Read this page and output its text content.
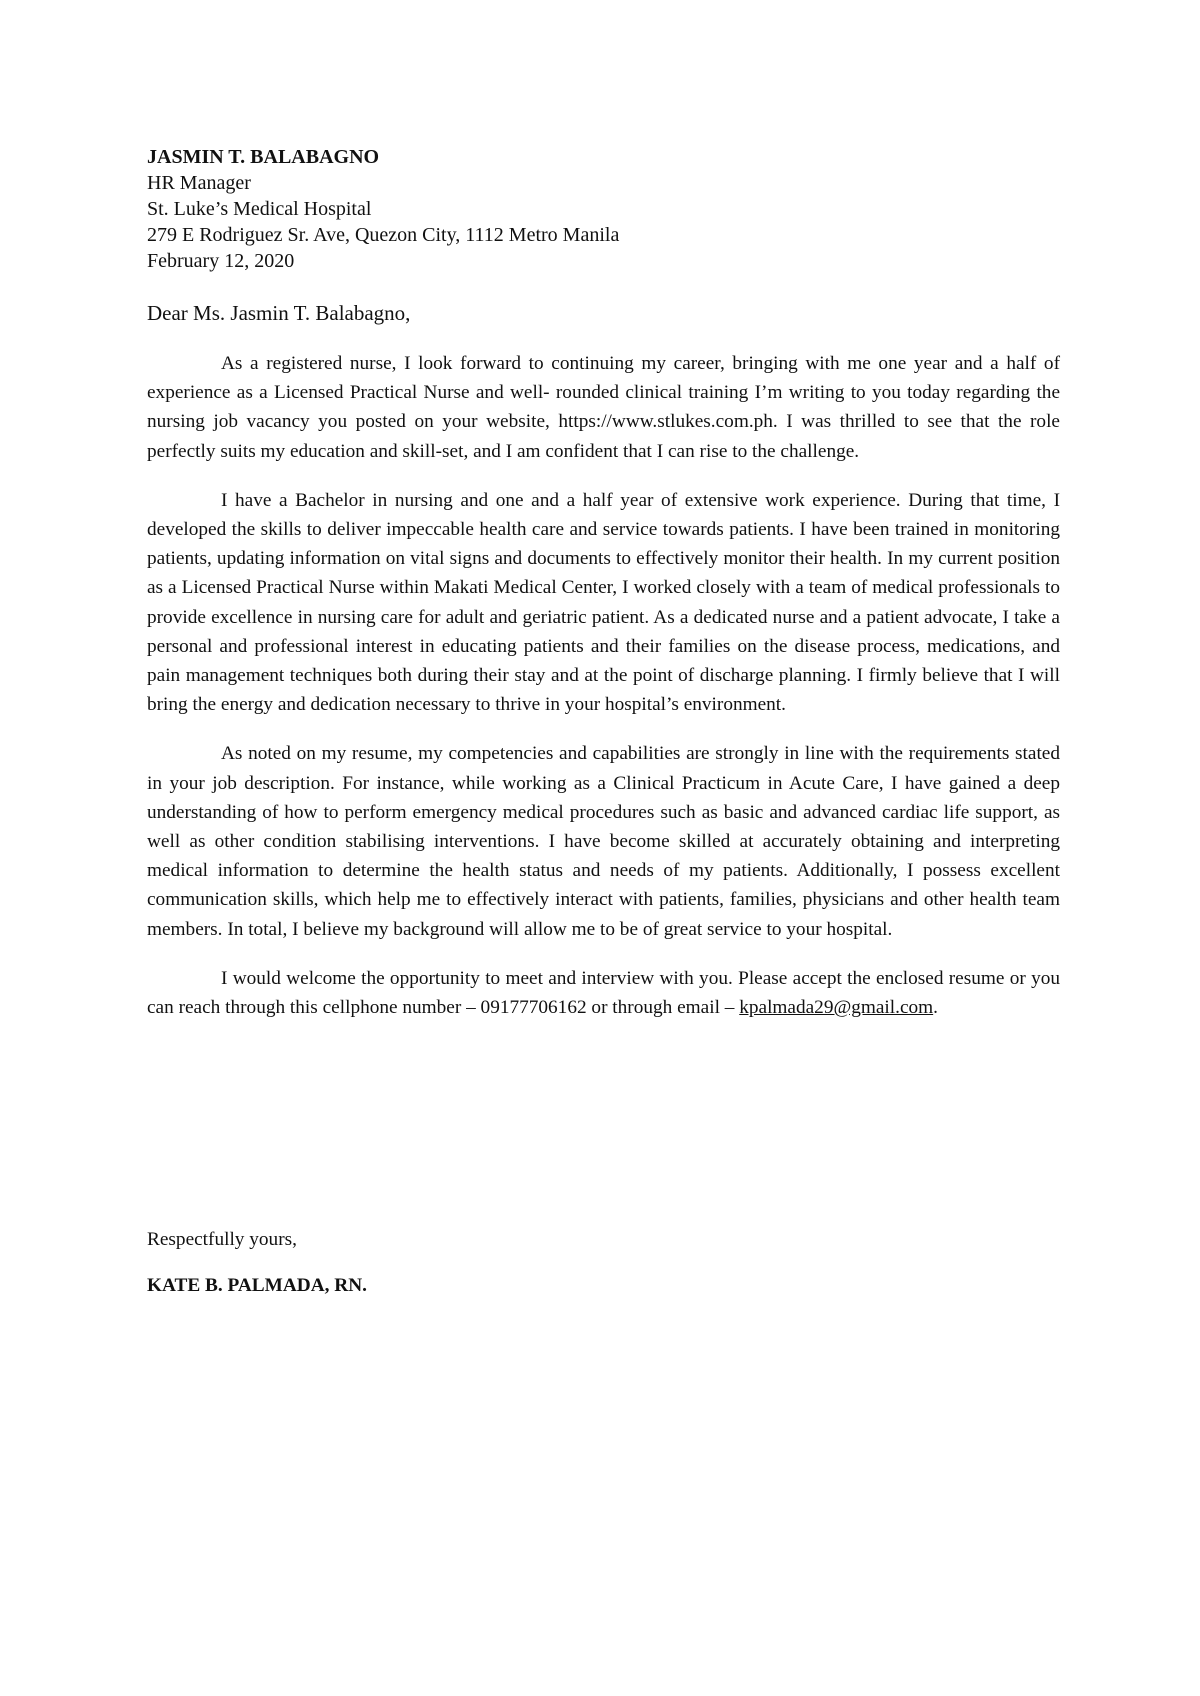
JASMIN T. BALABAGNO
HR Manager
St. Luke’s Medical Hospital
279 E Rodriguez Sr. Ave, Quezon City, 1112 Metro Manila
February 12, 2020
Dear Ms. Jasmin T. Balabagno,

As a registered nurse, I look forward to continuing my career, bringing with me one year and a half of experience as a Licensed Practical Nurse and well- rounded clinical training I’m writing to you today regarding the nursing job vacancy you posted on your website, https://www.stlukes.com.ph. I was thrilled to see that the role perfectly suits my education and skill-set, and I am confident that I can rise to the challenge.

I have a Bachelor in nursing and one and a half year of extensive work experience. During that time, I developed the skills to deliver impeccable health care and service towards patients. I have been trained in monitoring patients, updating information on vital signs and documents to effectively monitor their health. In my current position as a Licensed Practical Nurse within Makati Medical Center, I worked closely with a team of medical professionals to provide excellence in nursing care for adult and geriatric patient. As a dedicated nurse and a patient advocate, I take a personal and professional interest in educating patients and their families on the disease process, medications, and pain management techniques both during their stay and at the point of discharge planning. I firmly believe that I will bring the energy and dedication necessary to thrive in your hospital’s environment.

As noted on my resume, my competencies and capabilities are strongly in line with the requirements stated in your job description. For instance, while working as a Clinical Practicum in Acute Care, I have gained a deep understanding of how to perform emergency medical procedures such as basic and advanced cardiac life support, as well as other condition stabilising interventions. I have become skilled at accurately obtaining and interpreting medical information to determine the health status and needs of my patients. Additionally, I possess excellent communication skills, which help me to effectively interact with patients, families, physicians and other health team members. In total, I believe my background will allow me to be of great service to your hospital.

I would welcome the opportunity to meet and interview with you. Please accept the enclosed resume or you can reach through this cellphone number – 09177706162 or through email – kpalmada29@gmail.com.

Respectfully yours,
KATE B. PALMADA, RN.
